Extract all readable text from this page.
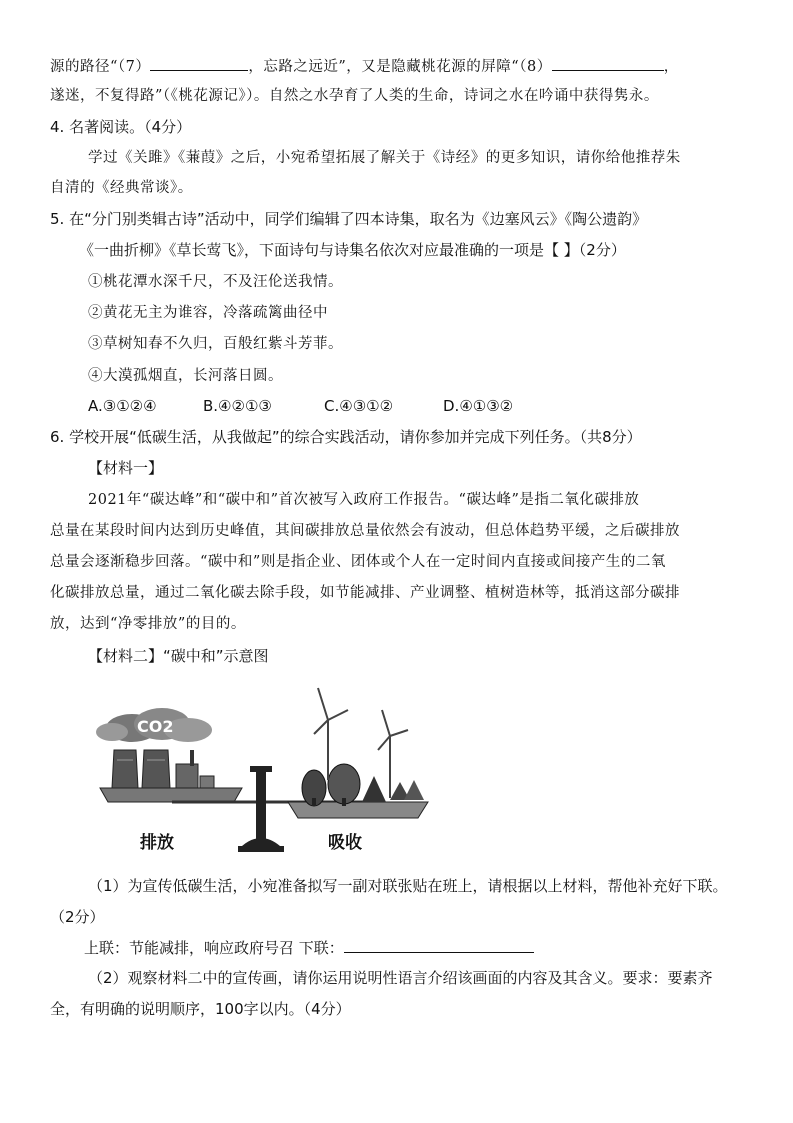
源的路径“（7）	，忘路之远近”，又是隐藏桃花源的屏障“（8）	，
遂迷，不复得路”（《桃花源记》）。自然之水孕育了人类的生命，诗词之水在吟诵中获得隽永。
4. 名著阅读。（4分）
学过《关雎》《蒹葭》之后，小宛希望拓展了解关于《诗经》的更多知识，请你给他推荐朱
自清的《经典常谈》。
5. 在“分门别类辑古诗”活动中，同学们编辑了四本诗集，取名为《边塞风云》《陶公遗韵》
《一曲折柳》《草长莺飞》，下面诗句与诗集名依次对应最准确的一项是【 】（2分）
①桃花潭水深千尺，不及汪伦送我情。
②黄花无主为谁容，冷落疏篱曲径中
③草树知春不久归，百般红紫斗芳菲。
④大漠孤烟直，长河落日圆。
A.③①②④	B.④②①③	C.④③①②	D.④①③②
6. 学校开展“低碳生活，从我做起”的综合实践活动，请你参加并完成下列任务。（共8分）
【材料一】
2021年“碳达峰”和“碳中和”首次被写入政府工作报告。“碳达峰”是指二氧化碳排放
总量在某段时间内达到历史峰值，其间碳排放总量依然会有波动，但总体趋势平缓，之后碳排放
总量会逐渐稳步回落。“碳中和”则是指企业、团体或个人在一定时间内直接或间接产生的二氧
化碳排放总量，通过二氧化碳去除手段，如节能减排、产业调整、植树造林等，抵消这部分碳排
放，达到“净零排放”的目的。
【材料二】“碳中和”示意图
CO2
排放	吸收
（1）为宣传低碳生活，小宛准备拟写一副对联张贴在班上，请根据以上材料，帮他补充好下联。
（2分）
上联：节能减排，响应政府号召 下联：
（2）观察材料二中的宣传画，请你运用说明性语言介绍该画面的内容及其含义。要求：要素齐
全，有明确的说明顺序，100字以内。（4分）
